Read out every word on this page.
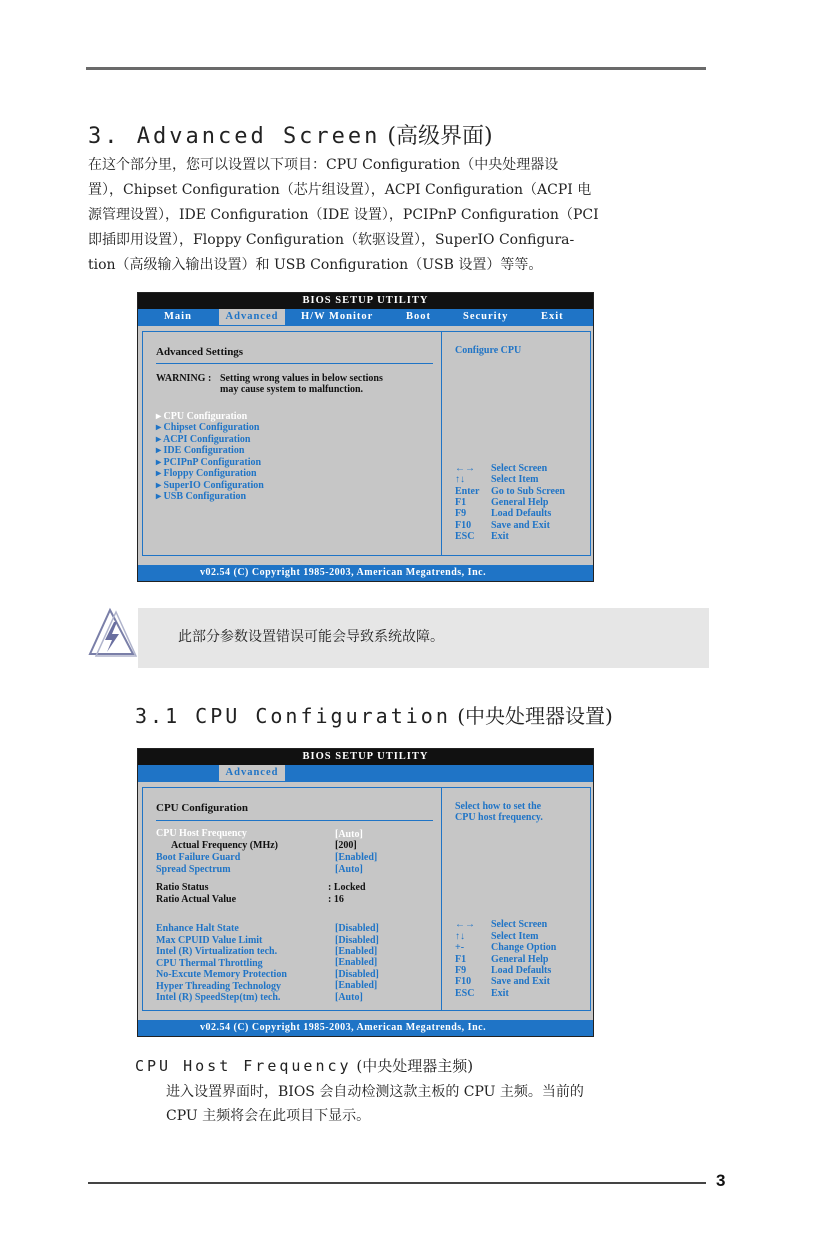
3. Advanced Screen (高级界面)
在这个部分里，您可以设置以下项目：CPU Configuration（中央处理器设
置），Chipset Configuration（芯片组设置），ACPI Configuration（ACPI 电
源管理设置），IDE Configuration（IDE 设置），PCIPnP Configuration（PCI
即插即用设置），Floppy Configuration（软驱设置），SuperIO Configura-
tion（高级输入输出设置）和 USB Configuration（USB 设置）等等。
BIOS SETUP UTILITY
Main	Advanced	H/W Monitor	Boot	Security	Exit
Advanced Settings
WARNING : Setting wrong values in below sections
may cause system to malfunction.
▸ CPU Configuration
▸ Chipset Configuration
▸ ACPI Configuration
▸ IDE Configuration
▸ PCIPnP Configuration
▸ Floppy Configuration
▸ SuperIO Configuration
▸ USB Configuration
Configure CPU
←→ Select Screen
↑↓	Select Item
Enter Go to Sub Screen
F1 General Help
F9 Load Defaults
F10 Save and Exit
ESC Exit
v02.54 (C) Copyright 1985-2003, American Megatrends, Inc.
此部分参数设置错误可能会导致系统故障。
3.1 CPU Configuration (中央处理器设置)
BIOS SETUP UTILITY
Advanced
CPU Configuration
CPU Host Frequency	[Auto]
Actual Frequency (MHz)	[200]
Boot Failure Guard	[Enabled]
Spread Spectrum	[Auto]
Ratio Status	: Locked
Ratio Actual Value	: 16
Enhance Halt State	[Disabled]
Max CPUID Value Limit	[Disabled]
Intel (R) Virtualization tech.	[Enabled]
CPU Thermal Throttling	[Enabled]
No-Excute Memory Protection	[Disabled]
Hyper Threading Technology	[Enabled]
Intel (R) SpeedStep(tm) tech.	[Auto]
Select how to set the
CPU host frequency.
←→ Select Screen
↑↓	Select Item
+-	Change Option
F1 General Help
F9 Load Defaults
F10 Save and Exit
ESC Exit
v02.54 (C) Copyright 1985-2003, American Megatrends, Inc.
CPU Host Frequency (中央处理器主频)
进入设置界面时，BIOS 会自动检测这款主板的 CPU 主频。当前的
CPU 主频将会在此项目下显示。
3
